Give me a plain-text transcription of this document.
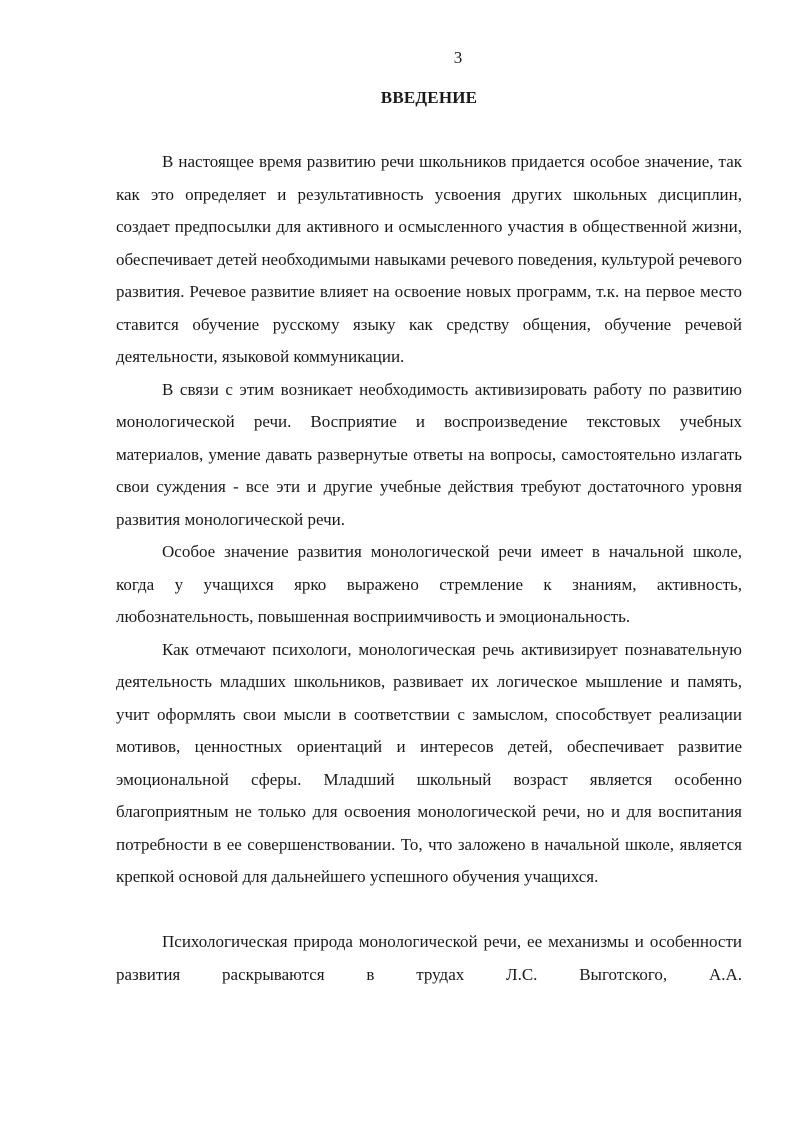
3
ВВЕДЕНИЕ

В настоящее время развитию речи школьников придается особое значение, так как это определяет и результативность усвоения других школьных дисциплин, создает предпосылки для активного и осмысленного участия в общественной жизни, обеспечивает детей необходимыми навыками речевого поведения, культурой речевого развития. Речевое развитие влияет на освоение новых программ, т.к. на первое место ставится обучение русскому языку как средству общения, обучение речевой деятельности, языковой коммуникации.

В связи с этим возникает необходимость активизировать работу по развитию монологической речи. Восприятие и воспроизведение текстовых учебных материалов, умение давать развернутые ответы на вопросы, самостоятельно излагать свои суждения - все эти и другие учебные действия требуют достаточного уровня развития монологической речи.

Особое значение развития монологической речи имеет в начальной школе, когда у учащихся ярко выражено стремление к знаниям, активность, любознательность, повышенная восприимчивость и эмоциональность.

Как отмечают психологи, монологическая речь активизирует познавательную деятельность младших школьников, развивает их логическое мышление и память, учит оформлять свои мысли в соответствии с замыслом, способствует реализации мотивов, ценностных ориентаций и интересов детей, обеспечивает развитие эмоциональной сферы. Младший школьный возраст является особенно благоприятным не только для освоения монологической речи, но и для воспитания потребности в ее совершенствовании. То, что заложено в начальной школе, является крепкой основой для дальнейшего успешного обучения учащихся.

Психологическая природа монологической речи, ее механизмы и особенности развития раскрываются в трудах Л.С. Выготского, А.А.
